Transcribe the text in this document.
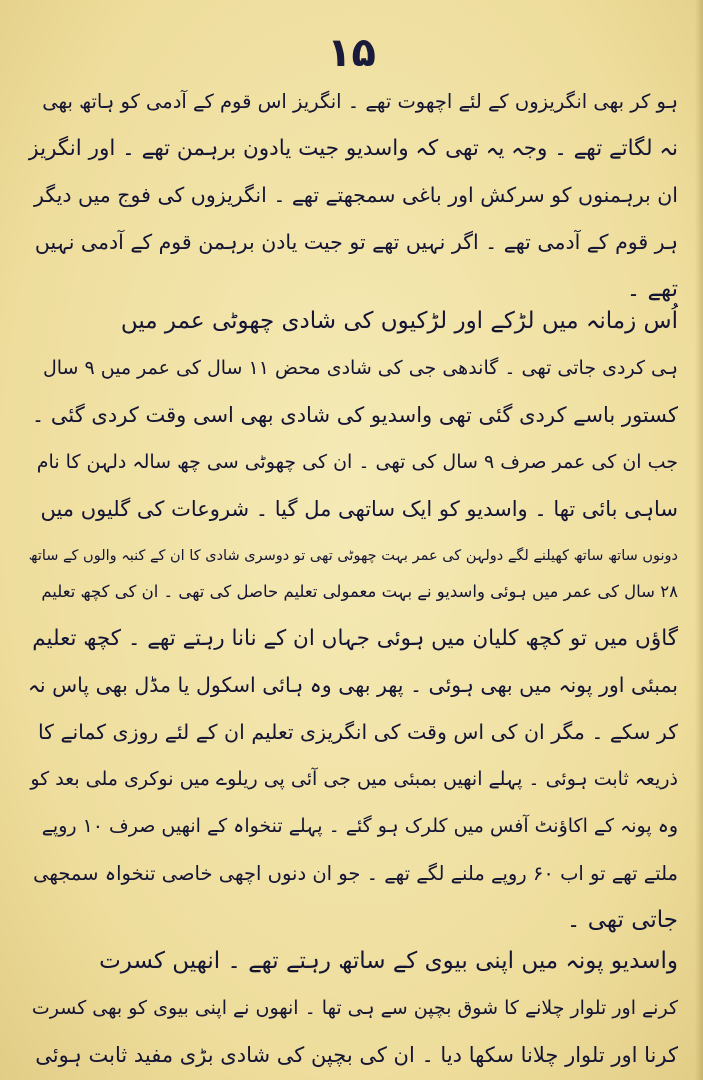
۱۵
ہو کر بھی انگریزوں کے لئے اچھوت تھے ۔ انگریز اس قوم کے آدمی کو ہاتھ بھی
نہ لگاتے تھے ۔ وجہ یہ تھی کہ واسدیو جیت یادون برہمن تھے ۔ اور انگریز
ان برہمنوں کو سرکش اور باغی سمجھتے تھے ۔ انگریزوں کی فوج میں دیگر
ہر قوم کے آدمی تھے ۔ اگر نہیں تھے تو جیت یادن برہمن قوم کے آدمی نہیں
تھے ۔
اُس زمانہ میں لڑکے اور لڑکیوں کی شادی چھوٹی عمر میں
ہی کردی جاتی تھی ۔ گاندھی جی کی شادی محض ۱۱ سال کی عمر میں ۹ سال
کستور باسے کردی گئی تھی واسدیو کی شادی بھی اسی وقت کردی گئی ۔
جب ان کی عمر صرف ۹ سال کی تھی ۔ ان کی چھوٹی سی چھ سالہ دلہن کا نام
ساہی بائی تھا ۔ واسدیو کو ایک ساتھی مل گیا ۔ شروعات کی گلیوں میں
دونوں ساتھ ساتھ کھیلنے لگے دولہن کی عمر بہت چھوٹی تھی تو دوسری شادی کا ان کے کنبہ والوں کے ساتھ
۲۸ سال کی عمر میں ہوئی واسدیو نے بہت معمولی تعلیم حاصل کی تھی ۔ ان کی کچھ تعلیم
گاؤں میں تو کچھ کلیان میں ہوئی جہاں ان کے نانا رہتے تھے ۔ کچھ تعلیم
بمبئی اور پونہ میں بھی ہوئی ۔ پھر بھی وہ ہائی اسکول یا مڈل بھی پاس نہ
کر سکے ۔ مگر ان کی اس وقت کی انگریزی تعلیم ان کے لئے روزی کمانے کا
ذریعہ ثابت ہوئی ۔ پہلے انھیں بمبئی میں جی آئی پی ریلوے میں نوکری ملی بعد کو
وہ پونہ کے اکاؤنٹ آفس میں کلرک ہو گئے ۔ پہلے تنخواہ کے انھیں صرف ۱۰ روپے
ملتے تھے تو اب ۶۰ روپے ملنے لگے تھے ۔ جو ان دنوں اچھی خاصی تنخواہ سمجھی
جاتی تھی ۔
واسدیو پونہ میں اپنی بیوی کے ساتھ رہتے تھے ۔ انھیں کسرت
کرنے اور تلوار چلانے کا شوق بچپن سے ہی تھا ۔ انھوں نے اپنی بیوی کو بھی کسرت
کرنا اور تلوار چلانا سکھا دیا ۔ ان کی بچپن کی شادی بڑی مفید ثابت ہوئی
